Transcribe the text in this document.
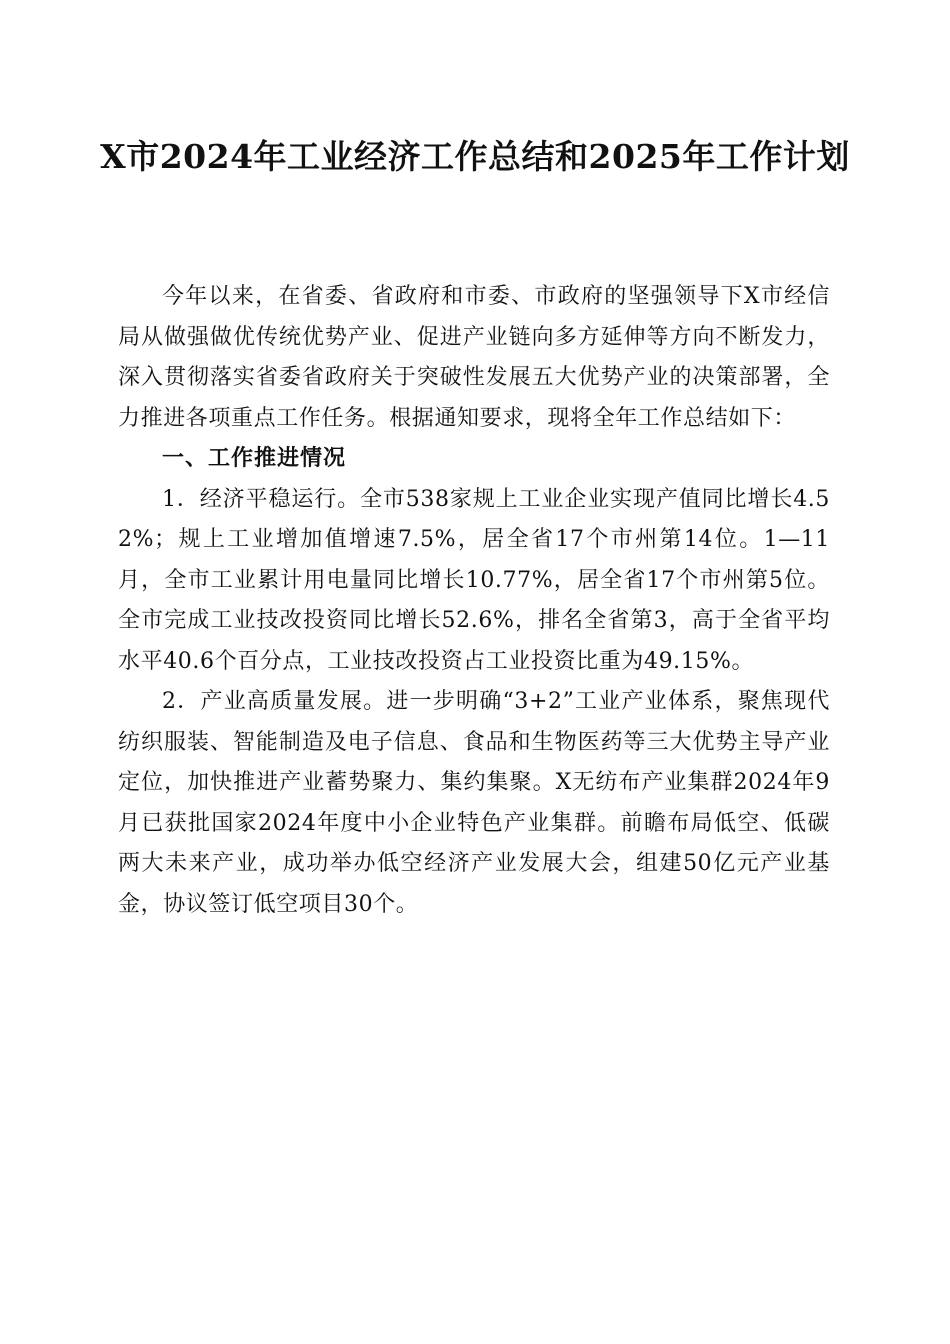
X市2024年工业经济工作总结和2025年工作计划

今年以来，在省委、省政府和市委、市政府的坚强领导下X市经信局从做强做优传统优势产业、促进产业链向多方延伸等方向不断发力，深入贯彻落实省委省政府关于突破性发展五大优势产业的决策部署，全力推进各项重点工作任务。根据通知要求，现将全年工作总结如下：

一、工作推进情况

1．经济平稳运行。全市538家规上工业企业实现产值同比增长4.52%；规上工业增加值增速7.5%，居全省17个市州第14位。1—11月，全市工业累计用电量同比增长10.77%，居全省17个市州第5位。全市完成工业技改投资同比增长52.6%，排名全省第3，高于全省平均水平40.6个百分点，工业技改投资占工业投资比重为49.15%。

2．产业高质量发展。进一步明确“3+2”工业产业体系，聚焦现代纺织服装、智能制造及电子信息、食品和生物医药等三大优势主导产业定位，加快推进产业蓄势聚力、集约集聚。X无纺布产业集群2024年9月已获批国家2024年度中小企业特色产业集群。前瞻布局低空、低碳两大未来产业，成功举办低空经济产业发展大会，组建50亿元产业基金，协议签订低空项目30个。
